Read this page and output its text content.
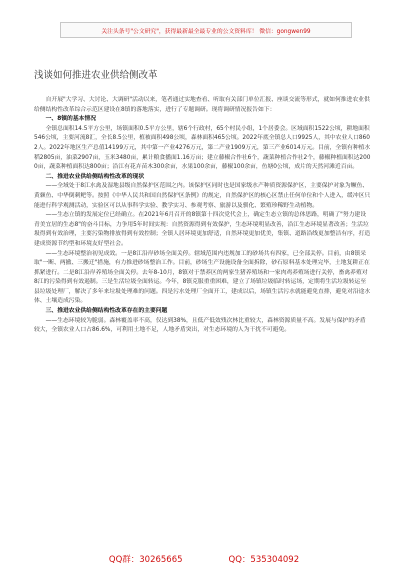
关注头条号"公文研究"，获得最新最全最专业的公文资料库！ 微信：gongwen99
浅谈如何推进农业供给侧改革

自开展"大学习、大讨论、大调研"活动以来，笔者通过实地查看、听取有关部门单位汇报、座谈交流等形式，就如何推进农业供给侧结构性改革综合示范区建设在8镇的落地落实，进行了专题调研。现将调研情况报告如下：

一、8镇的基本情况

全镇总面积14.5平方公里，场镇面积0.5平方公里，辖6个行政村，65个村民小组，1个居委会。区域面积1522公顷，耕地面积546公顷，主要河流8汇，全长8.5公里，植被面积498公顷，森林面积465公顷。2022年底全镇总人口9925人，其中农业人口8602人。2022年地区生产总值14199万元，其中第一产业4276万元，第二产业1909万元，第三产业6014万元。目前，全镇有种植水稻2805亩，油菜2907亩，玉米3480亩，累计粮食播面1.16万亩；建立藤椒合作社6个，蔬菜种植合作社2个，藤椒种植面积达2000亩，蔬菜种植面积达800亩；沿江有花卉苗木300余亩，水果100余亩，藤椒100余亩，鱼塘0公顷，成片的天然河滩近百亩。

二、推进农业供给侧结构性改革的现状

——全域处于8江水禽及湿地县级自然保护区范围之内。该保护区同时也是国家级水产种质资源保护区，主要保护对象为鳜鱼、黄颡鱼、中华倒刺鲃等。按照《中华人民共和国自然保护区条例》的规定，自然保护区的核心区禁止任何单位和个人进入，缓冲区只能进行科学观测活动，实验区可以从事科学实验、教学实习、参观考察、旅游以及驯化、繁殖珍稀野生动植物。

——生态立镇的发展定位已经确立。在2021年6月召开的8镇第十四次党代会上，确定生态立镇的总体思路，明确了"努力建设青美宜居的生态8"的奋斗目标，力争用5年时间实现：自然资源得到有效保护，生态环境明显改善，沿江生态环境显著改善；生活垃圾得到有效治理，主要污染物排放得到有效控制；全镇人居环境更加舒适，自然环境更加优美，集镇、道路沿线更加整洁有序，打造建成资源节约型和环境友好型社会。

——生态环境整治初见成效。一是8江沿岸砂场全面关停。辖域范围内违规加工的砂场共有四家，已全部关停。目前，由8镇采取"一断、两撤、三搬迁"措施，有力推进砂场整治工作。目前，砂场生产设施设备全面拆除，砂石原料基本处理完毕，土地复耕正在抓紧进行。二是8江沿岸养殖场全面关停。去年8-10月，8镇对于禁养区的两家生猪养殖场和一家肉鸡养殖场进行关停，畜禽养殖对8江的污染得到有效遏制。三是生活垃圾全面转运。今年，8镇克服重重困难，建立了场镇垃圾临时转运场，定期将生活垃圾转运至县垃圾处理厂，解决了多年来垃圾处理难的问题。四是污水处理厂全面开工，建成以后，场镇生活污水就能避免直排，避免对沿途水体、土壤造成污染。

三、推进农业供给侧结构性改革存在的主要问题

——生态环境较为脆弱。森林覆盖率不高，仅达到38%，且低产低效残次林比重较大，森林资源质量不高。发展与保护的矛盾较大，全镇农业人口占86.6%，可利用土地不足，人地矛盾突出，对生态环境的人为干扰不可避免。

QQ群：30265665	QQ：535304092
